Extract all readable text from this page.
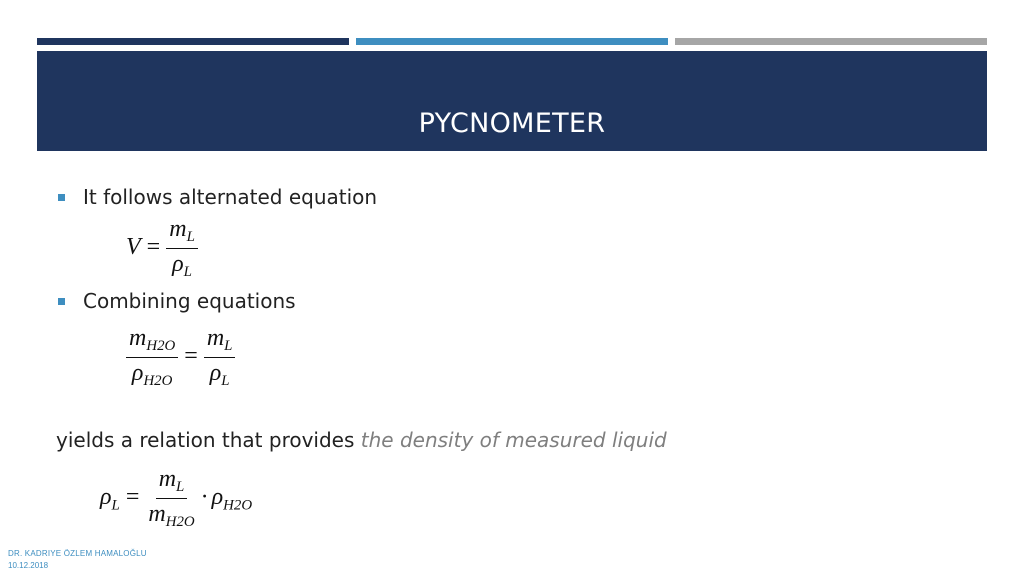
PYCNOMETER
It follows alternated equation
$V = \frac{m_L}{\rho_L}$
Combining equations
$\frac{m_{H2O}}{\rho_{H2O}} = \frac{m_L}{\rho_L}$
yields a relation that provides the density of measured liquid
$\rho_L = \frac{m_L}{m_{H2O}} \cdot \rho_{H2O}$
DR. KADRIYE ÖZLEM HAMALOĞLU
10.12.2018
